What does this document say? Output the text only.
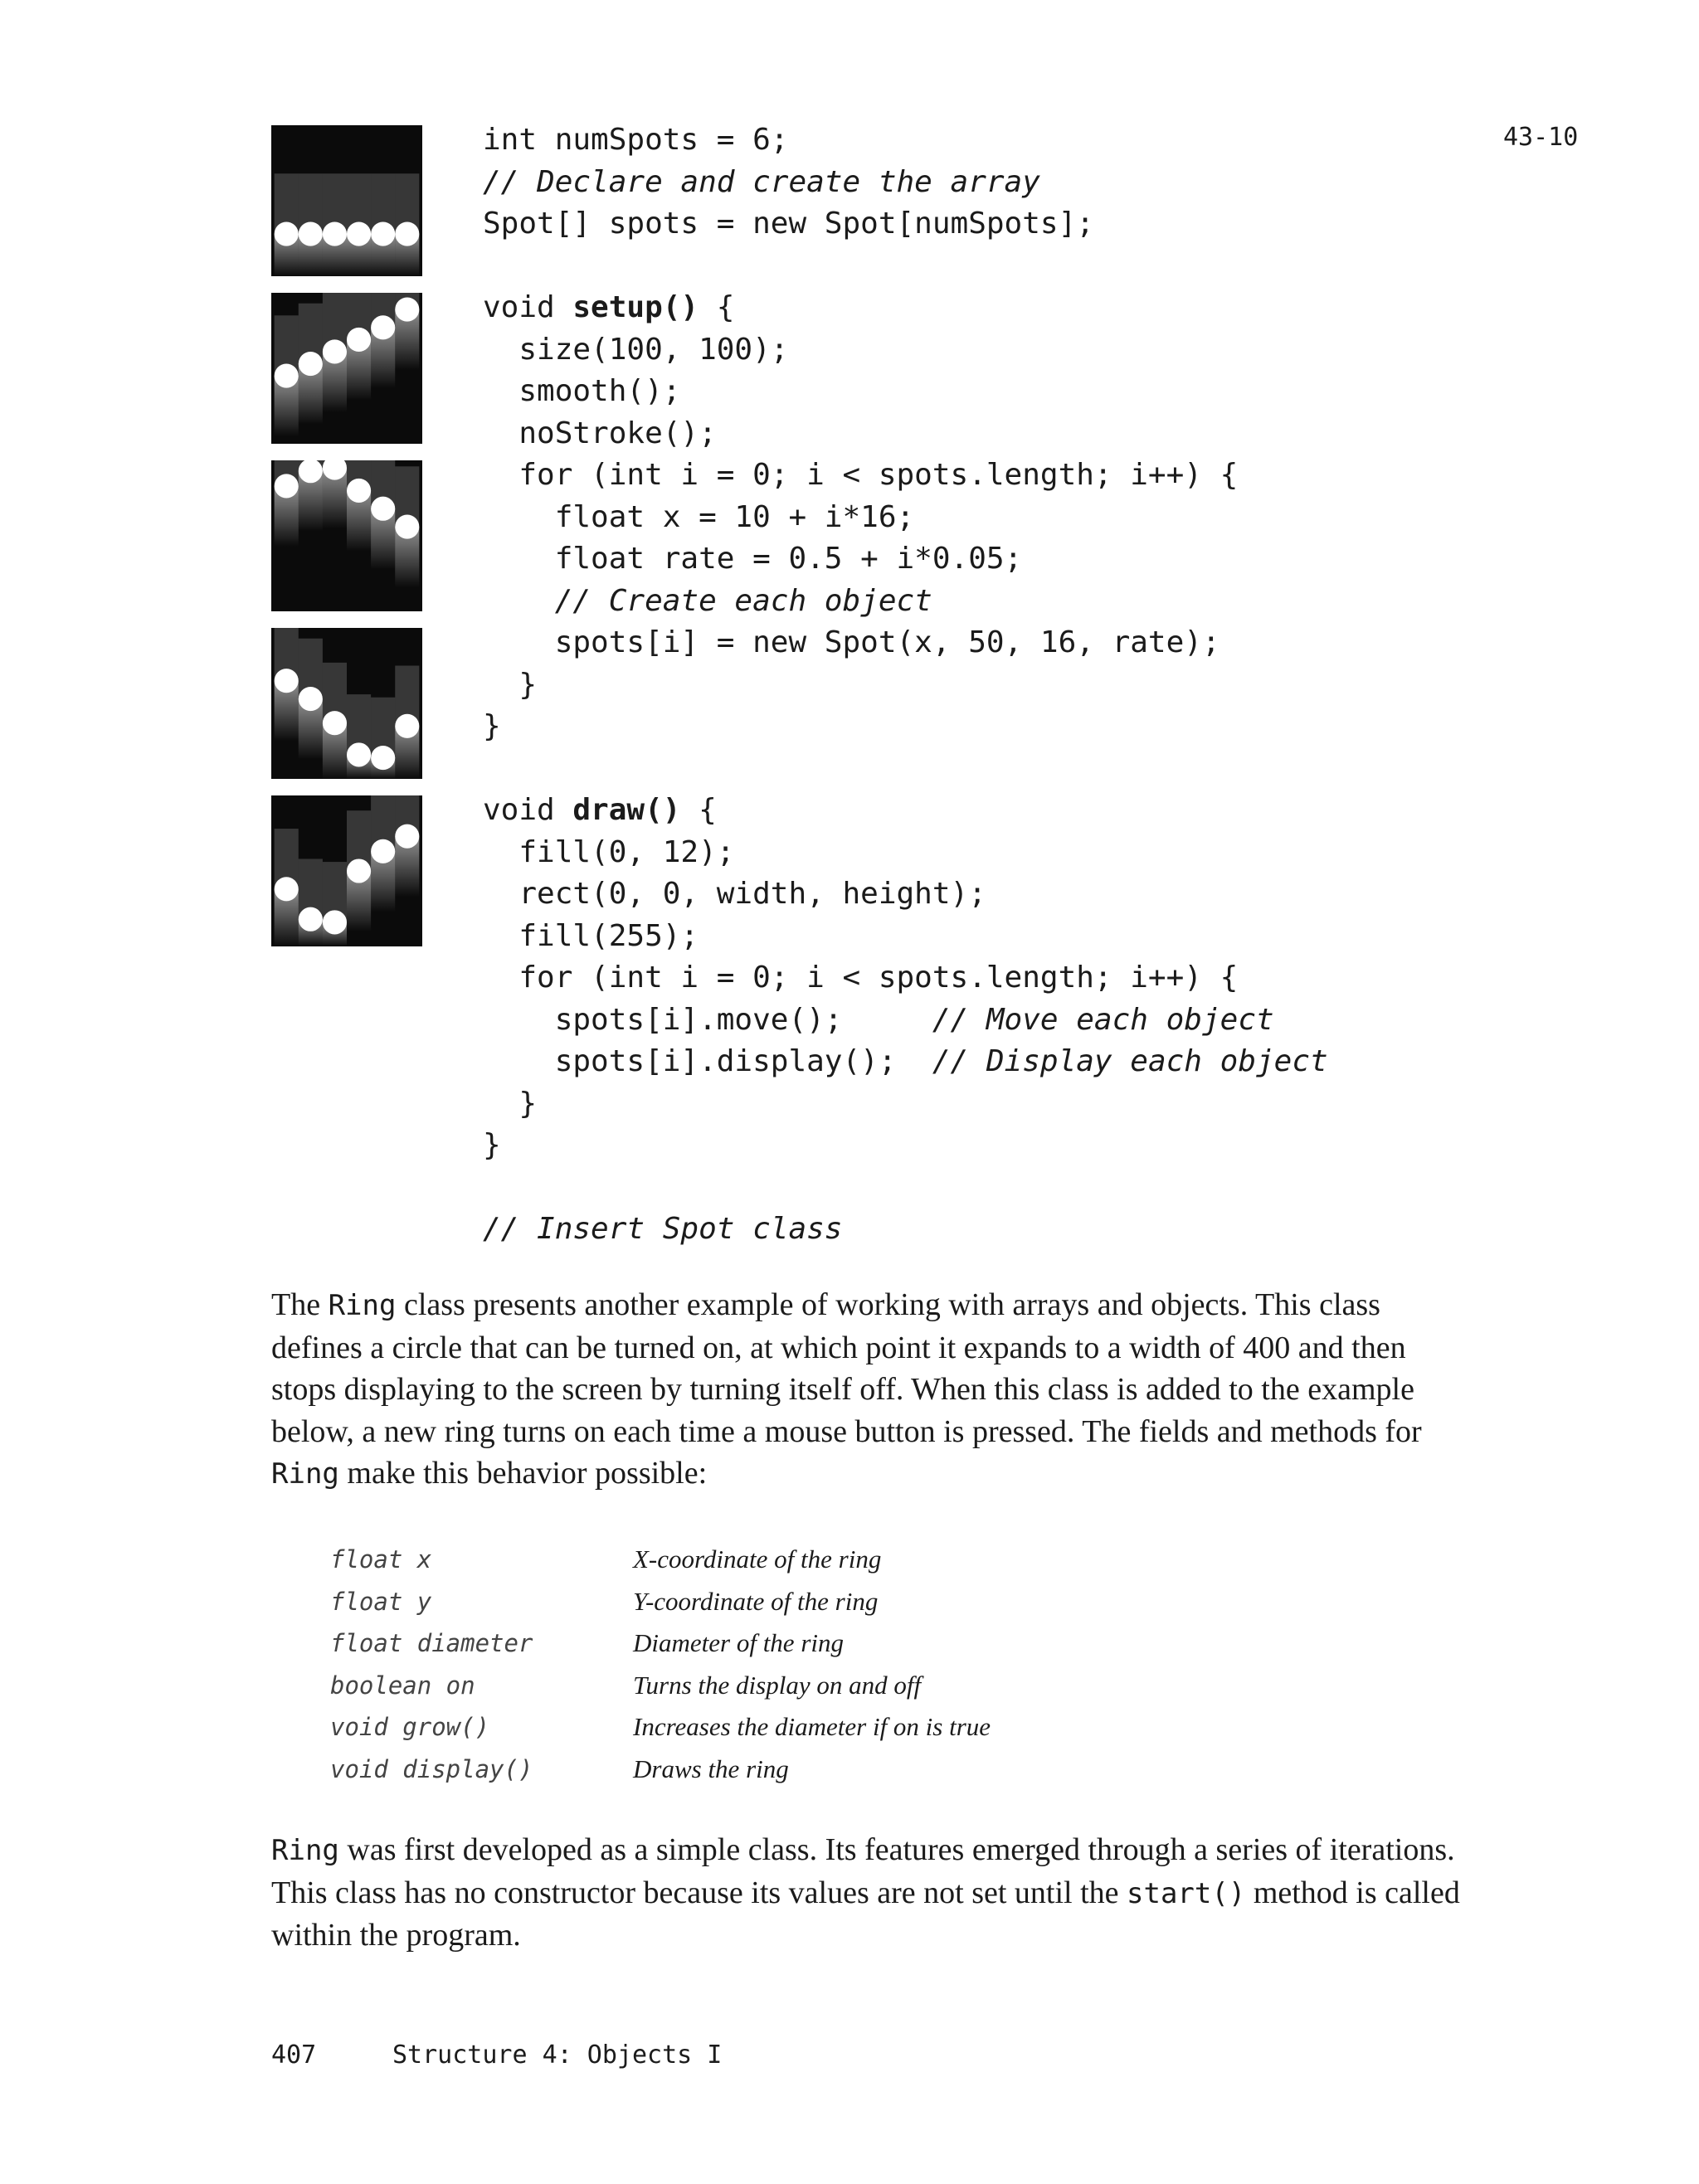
43-10
int numSpots = 6;
// Declare and create the array
Spot[] spots = new Spot[numSpots];

void setup() {
size(100, 100);
smooth();
noStroke();
for (int i = 0; i < spots.length; i++) {
float x = 10 + i*16;
float rate = 0.5 + i*0.05;
// Create each object
spots[i] = new Spot(x, 50, 16, rate);
}
}

void draw() {
fill(0, 12);
rect(0, 0, width, height);
fill(255);
for (int i = 0; i < spots.length; i++) {
spots[i].move();     // Move each object
spots[i].display();  // Display each object
}
}

// Insert Spot class
The Ring class presents another example of working with arrays and objects. This class defines a circle that can be turned on, at which point it expands to a width of 400 and then stops displaying to the screen by turning itself off. When this class is added to the example below, a new ring turns on each time a mouse button is pressed. The fields and methods for Ring make this behavior possible:
float x	X-coordinate of the ring
float y	Y-coordinate of the ring
float diameter	Diameter of the ring
boolean on	Turns the display on and off
void grow()	Increases the diameter if on is true
void display()	Draws the ring
Ring was first developed as a simple class. Its features emerged through a series of iterations. This class has no constructor because its values are not set until the start() method is called within the program.
407	Structure 4: Objects I
